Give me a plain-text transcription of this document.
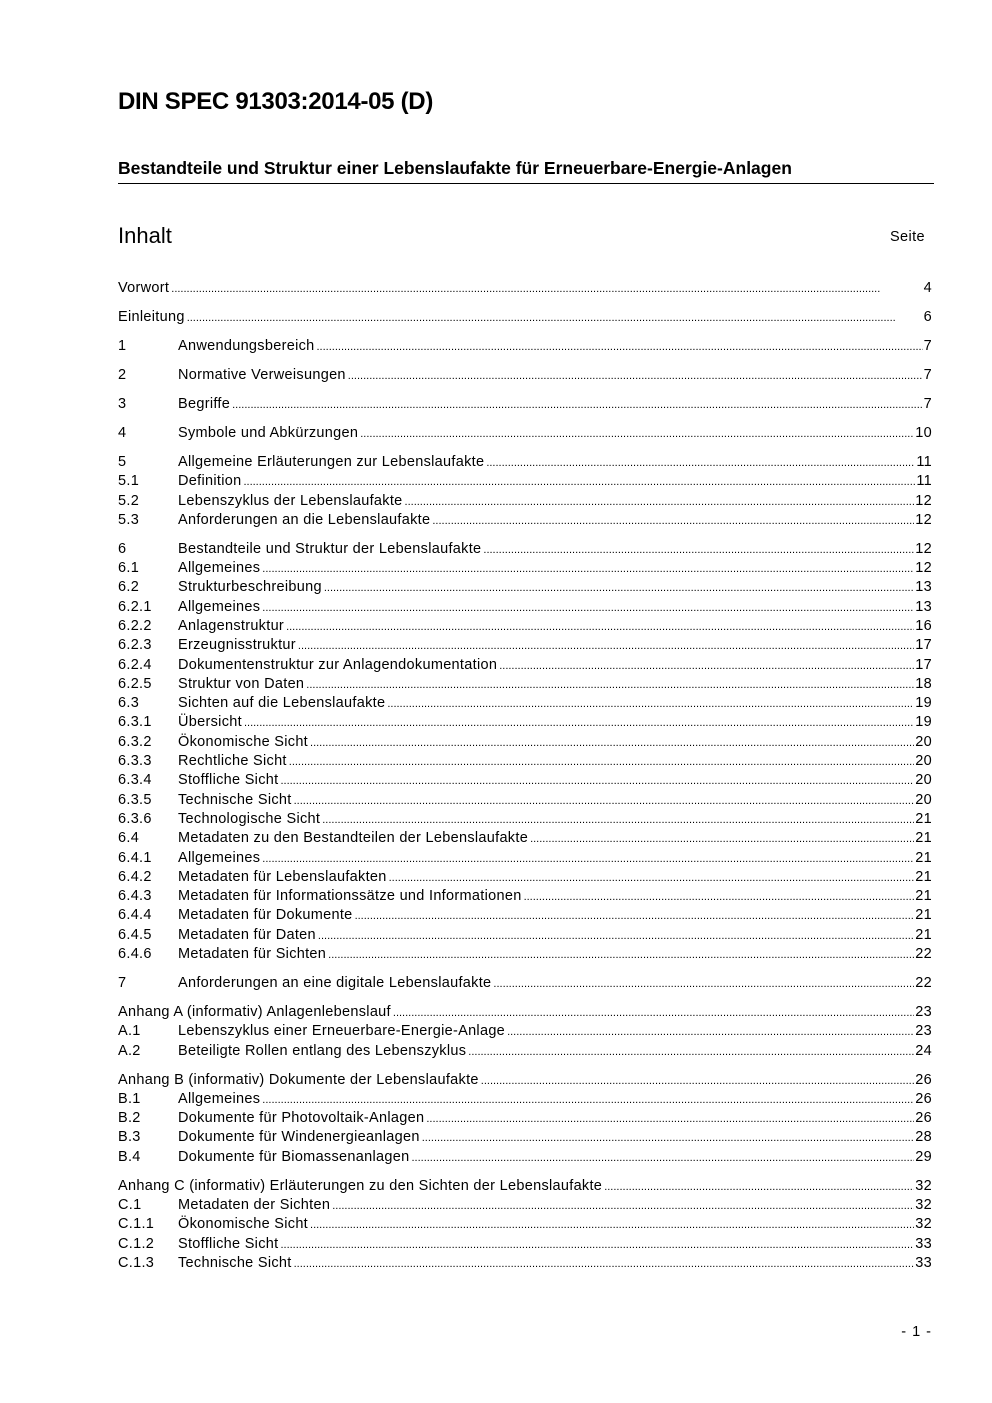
DIN SPEC 91303:2014-05 (D)
Bestandteile und Struktur einer Lebenslaufakte für Erneuerbare-Energie-Anlagen
Inhalt	Seite
Vorwort .....	4
Einleitung .....	6
1	Anwendungsbereich .....	7
2	Normative Verweisungen .....	7
3	Begriffe .....	7
4	Symbole und Abkürzungen .....	10
5	Allgemeine Erläuterungen zur Lebenslaufakte .....	11
5.1	Definition .....	11
5.2	Lebenszyklus der Lebenslaufakte .....	12
5.3	Anforderungen an die Lebenslaufakte .....	12
6	Bestandteile und Struktur der Lebenslaufakte .....	12
6.1	Allgemeines .....	12
6.2	Strukturbeschreibung .....	13
6.2.1	Allgemeines .....	13
6.2.2	Anlagenstruktur .....	16
6.2.3	Erzeugnisstruktur .....	17
6.2.4	Dokumentenstruktur zur Anlagendokumentation .....	17
6.2.5	Struktur von Daten .....	18
6.3	Sichten auf die Lebenslaufakte .....	19
6.3.1	Übersicht .....	19
6.3.2	Ökonomische Sicht .....	20
6.3.3	Rechtliche Sicht .....	20
6.3.4	Stoffliche Sicht .....	20
6.3.5	Technische Sicht .....	20
6.3.6	Technologische Sicht .....	21
6.4	Metadaten zu den Bestandteilen der Lebenslaufakte .....	21
6.4.1	Allgemeines .....	21
6.4.2	Metadaten für Lebenslaufakten .....	21
6.4.3	Metadaten für Informationssätze und Informationen .....	21
6.4.4	Metadaten für Dokumente .....	21
6.4.5	Metadaten für Daten .....	21
6.4.6	Metadaten für Sichten .....	22
7	Anforderungen an eine digitale Lebenslaufakte .....	22
Anhang A (informativ) Anlagenlebenslauf .....	23
A.1	Lebenszyklus einer Erneuerbare-Energie-Anlage .....	23
A.2	Beteiligte Rollen entlang des Lebenszyklus .....	24
Anhang B (informativ) Dokumente der Lebenslaufakte .....	26
B.1	Allgemeines .....	26
B.2	Dokumente für Photovoltaik-Anlagen .....	26
B.3	Dokumente für Windenergieanlagen .....	28
B.4	Dokumente für Biomassenanlagen .....	29
Anhang C (informativ) Erläuterungen zu den Sichten der Lebenslaufakte .....	32
C.1	Metadaten der Sichten .....	32
C.1.1	Ökonomische Sicht .....	32
C.1.2	Stoffliche Sicht .....	33
C.1.3	Technische Sicht .....	33
- 1 -
